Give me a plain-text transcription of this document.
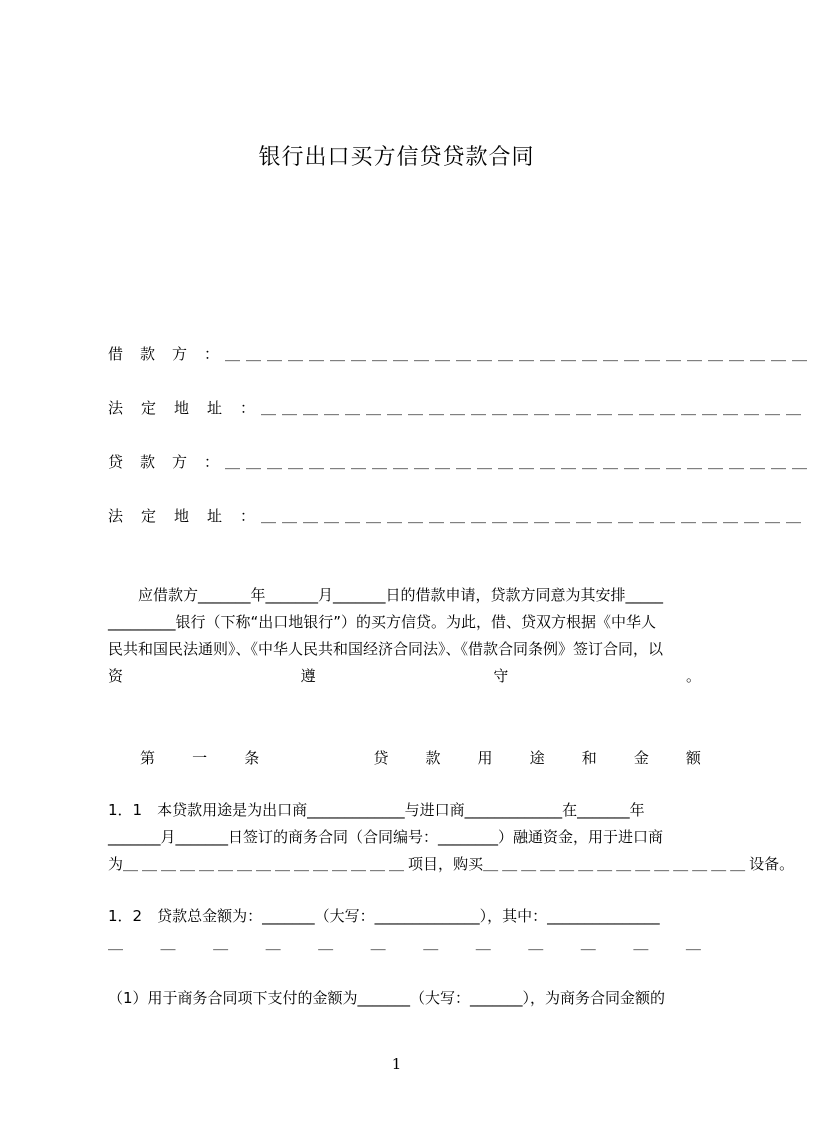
银行出口买方信贷贷款合同
借款方 ： ＿＿＿＿＿＿＿＿＿＿＿＿＿＿＿＿＿＿＿＿＿＿＿＿＿＿＿＿
法定地址 ： ＿＿＿＿＿＿＿＿＿＿＿＿＿＿＿＿＿＿＿＿＿＿＿＿＿＿
贷款方 ： ＿＿＿＿＿＿＿＿＿＿＿＿＿＿＿＿＿＿＿＿＿＿＿＿＿＿＿＿
法定地址 ： ＿＿＿＿＿＿＿＿＿＿＿＿＿＿＿＿＿＿＿＿＿＿＿＿＿＿
　　应借款方_______年_______月_______日的借款申请，贷款方同意为其安排_____
_________银行（下称“出口地银行”）的买方信贷。为此，借、贷双方根据《中华人
民共和国民法通则》、《中华人民共和国经济合同法》、《借款合同条例》签订合同，以
资	遵	守	。
第 一 条	贷 款 用 途 和 金 额
1．1　本贷款用途是为出口商_____________与进口商_____________在_______年
_______月_______日签订的商务合同（合同编号：________）融通资金，用于进口商
为 ＿＿＿＿＿＿＿＿＿＿＿＿＿＿＿ 项 目， 购 买 ＿＿＿＿＿＿＿＿＿＿＿＿＿＿ 设 备 。
1．2　贷款总金额为：_______（大写：______________），其中：_______________
＿	＿	＿	＿	＿	＿	＿	＿	＿	＿	＿	＿
（1）用于商务合同项下支付的金额为_______（大写：_______），为商务合同金额的
1
